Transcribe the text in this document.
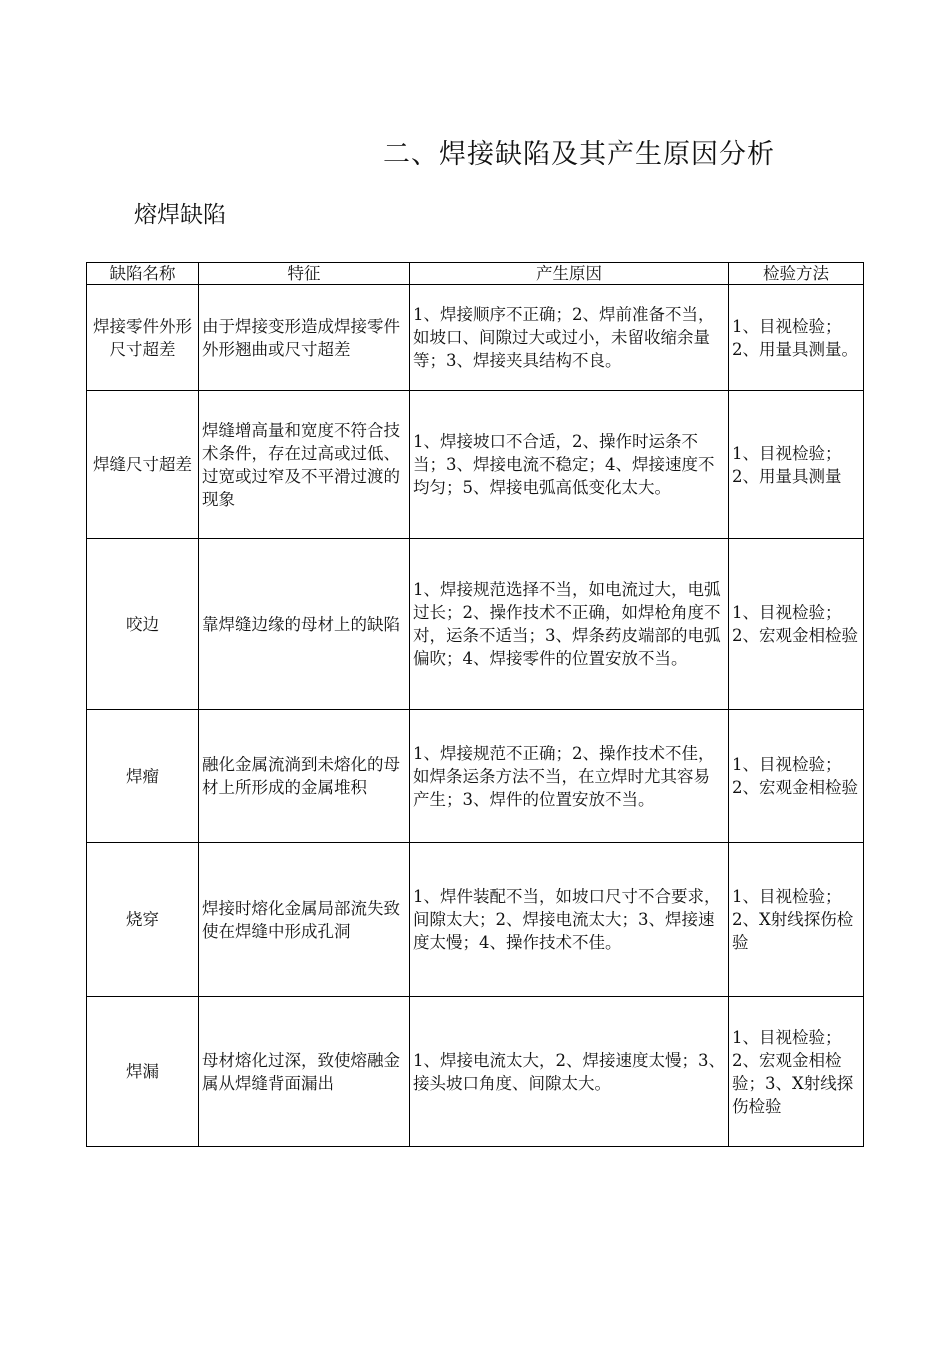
二、焊接缺陷及其产生原因分析
熔焊缺陷
缺陷名称	特征	产生原因	检验方法
焊接零件外形尺寸超差	由于焊接变形造成焊接零件外形翘曲或尺寸超差	1、焊接顺序不正确；2、焊前准备不当，如坡口、间隙过大或过小，未留收缩余量等；3、焊接夹具结构不良。	1、目视检验；2、用量具测量。
焊缝尺寸超差	焊缝增高量和宽度不符合技术条件，存在过高或过低、过宽或过窄及不平滑过渡的现象	1、焊接坡口不合适，2、操作时运条不当；3、焊接电流不稳定；4、焊接速度不均匀；5、焊接电弧高低变化太大。	1、目视检验；2、用量具测量
咬边	靠焊缝边缘的母材上的缺陷	1、焊接规范选择不当，如电流过大，电弧过长；2、操作技术不正确，如焊枪角度不对，运条不适当；3、焊条药皮端部的电弧偏吹；4、焊接零件的位置安放不当。	1、目视检验；2、宏观金相检验
焊瘤	融化金属流淌到未熔化的母材上所形成的金属堆积	1、焊接规范不正确；2、操作技术不佳，如焊条运条方法不当，在立焊时尤其容易产生；3、焊件的位置安放不当。	1、目视检验；2、宏观金相检验
烧穿	焊接时熔化金属局部流失致使在焊缝中形成孔洞	1、焊件装配不当，如坡口尺寸不合要求，间隙太大；2、焊接电流太大；3、焊接速度太慢；4、操作技术不佳。	1、目视检验；2、X射线探伤检验
焊漏	母材熔化过深，致使熔融金属从焊缝背面漏出	1、焊接电流太大，2、焊接速度太慢；3、接头坡口角度、间隙太大。	1、目视检验；2、宏观金相检验；3、X射线探伤检验
